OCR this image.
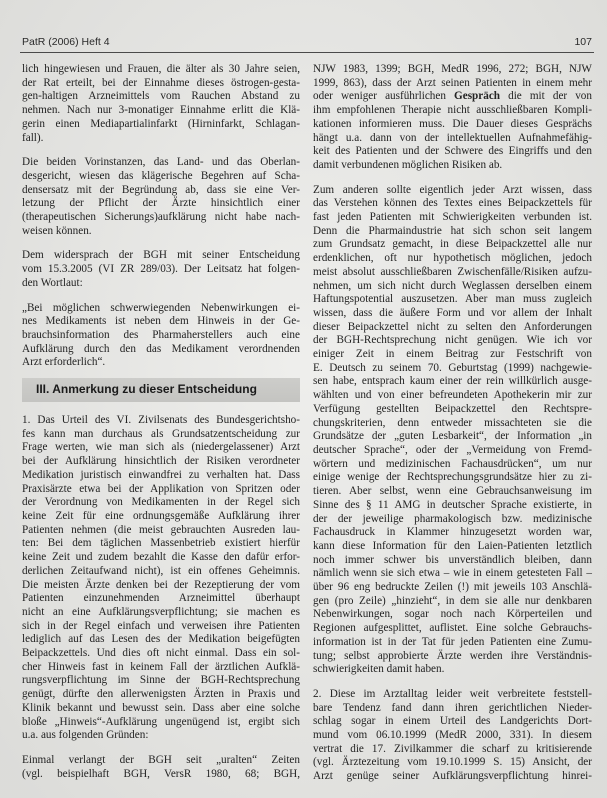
PatR (2006) Heft 4	107
lich hingewiesen und Frauen, die älter als 30 Jahre seien,
der Rat erteilt, bei der Einnahme dieses östrogen-gesta-
gen-haltigen Arzneimittels vom Rauchen Abstand zu
nehmen. Nach nur 3-monatiger Einnahme erlitt die Klä-
gerin einen Mediapartialinfarkt (Hirninfarkt, Schlagan-
fall).
Die beiden Vorinstanzen, das Land- und das Oberlan-
desgericht, wiesen das klägerische Begehren auf Scha-
densersatz mit der Begründung ab, dass sie eine Ver-
letzung der Pflicht der Ärzte hinsichtlich einer
(therapeutischen Sicherungs)aufklärung nicht habe nach-
weisen können.
Dem widersprach der BGH mit seiner Entscheidung
vom 15.3.2005 (VI ZR 289/03). Der Leitsatz hat folgen-
den Wortlaut:
„Bei möglichen schwerwiegenden Nebenwirkungen ei-
nes Medikaments ist neben dem Hinweis in der Ge-
brauchsinformation des Pharmaherstellers auch eine
Aufklärung durch den das Medikament verordnenden
Arzt erforderlich“.
III. Anmerkung zu dieser Entscheidung
1. Das Urteil des VI. Zivilsenats des Bundesgerichtsho-
fes kann man durchaus als Grundsatzentscheidung zur
Frage werten, wie man sich als (niedergelassener) Arzt
bei der Aufklärung hinsichtlich der Risiken verordneter
Medikation juristisch einwandfrei zu verhalten hat. Dass
Praxisärzte etwa bei der Applikation von Spritzen oder
der Verordnung von Medikamenten in der Regel sich
keine Zeit für eine ordnungsgemäße Aufklärung ihrer
Patienten nehmen (die meist gebrauchten Ausreden lau-
ten: Bei dem täglichen Massenbetrieb existiert hierfür
keine Zeit und zudem bezahlt die Kasse den dafür erfor-
derlichen Zeitaufwand nicht), ist ein offenes Geheimnis.
Die meisten Ärzte denken bei der Rezeptierung der vom
Patienten einzunehmenden Arzneimittel überhaupt
nicht an eine Aufklärungsverpflichtung; sie machen es
sich in der Regel einfach und verweisen ihre Patienten
lediglich auf das Lesen des der Medikation beigefügten
Beipackzettels. Und dies oft nicht einmal. Dass ein sol-
cher Hinweis fast in keinem Fall der ärztlichen Aufklä-
rungsverpflichtung im Sinne der BGH-Rechtsprechung
genügt, dürfte den allerwenigsten Ärzten in Praxis und
Klinik bekannt und bewusst sein. Dass aber eine solche
bloße „Hinweis“-Aufklärung ungenügend ist, ergibt sich
u.a. aus folgenden Gründen:
Einmal verlangt der BGH seit „uralten“ Zeiten
(vgl. beispielhaft BGH, VersR 1980, 68; BGH,
NJW 1983, 1399; BGH, MedR 1996, 272; BGH, NJW
1999, 863), dass der Arzt seinen Patienten in einem mehr
oder weniger ausführlichen Gespräch die mit der von
ihm empfohlenen Therapie nicht ausschließbaren Kompli-
kationen informieren muss. Die Dauer dieses Gesprächs
hängt u.a. dann von der intellektuellen Aufnahmefähig-
keit des Patienten und der Schwere des Eingriffs und den
damit verbundenen möglichen Risiken ab.
Zum anderen sollte eigentlich jeder Arzt wissen, dass
das Verstehen können des Textes eines Beipackzettels für
fast jeden Patienten mit Schwierigkeiten verbunden ist.
Denn die Pharmaindustrie hat sich schon seit langem
zum Grundsatz gemacht, in diese Beipackzettel alle nur
erdenklichen, oft nur hypothetisch möglichen, jedoch
meist absolut ausschließbaren Zwischenfälle/Risiken aufzu-
nehmen, um sich nicht durch Weglassen derselben einem
Haftungspotential auszusetzen. Aber man muss zugleich
wissen, dass die äußere Form und vor allem der Inhalt
dieser Beipackzettel nicht zu selten den Anforderungen
der BGH-Rechtsprechung nicht genügen. Wie ich vor
einiger Zeit in einem Beitrag zur Festschrift von
E. Deutsch zu seinem 70. Geburtstag (1999) nachgewie-
sen habe, entsprach kaum einer der rein willkürlich ausge-
wählten und von einer befreundeten Apothekerin mir zur
Verfügung gestellten Beipackzettel den Rechtspre-
chungskriterien, denn entweder missachteten sie die
Grundsätze der „guten Lesbarkeit“, der Information „in
deutscher Sprache“, oder der „Vermeidung von Fremd-
wörtern und medizinischen Fachausdrücken“, um nur
einige wenige der Rechtsprechungsgrundsätze hier zu zi-
tieren. Aber selbst, wenn eine Gebrauchsanweisung im
Sinne des § 11 AMG in deutscher Sprache existierte, in
der der jeweilige pharmakologisch bzw. medizinische
Fachausdruck in Klammer hinzugesetzt worden war,
kann diese Information für den Laien-Patienten letztlich
noch immer schwer bis unverständlich bleiben, dann
nämlich wenn sie sich etwa – wie in einem getesteten Fall –
über 96 eng bedruckte Zeilen (!) mit jeweils 103 Anschlä-
gen (pro Zeile) „hinzieht“, in dem sie alle nur denkbaren
Nebenwirkungen, sogar noch nach Körperteilen und
Regionen aufgesplittet, auflistet. Eine solche Gebrauchs-
information ist in der Tat für jeden Patienten eine Zumu-
tung; selbst approbierte Ärzte werden ihre Verständnis-
schwierigkeiten damit haben.
2. Diese im Arztalltag leider weit verbreitete feststell-
bare Tendenz fand dann ihren gerichtlichen Nieder-
schlag sogar in einem Urteil des Landgerichts Dort-
mund vom 06.10.1999 (MedR 2000, 331). In diesem
vertrat die 17. Zivilkammer die scharf zu kritisierende
(vgl. Ärztezeitung vom 19.10.1999 S. 15) Ansicht, der
Arzt genüge seiner Aufklärungsverpflichtung hinrei-
